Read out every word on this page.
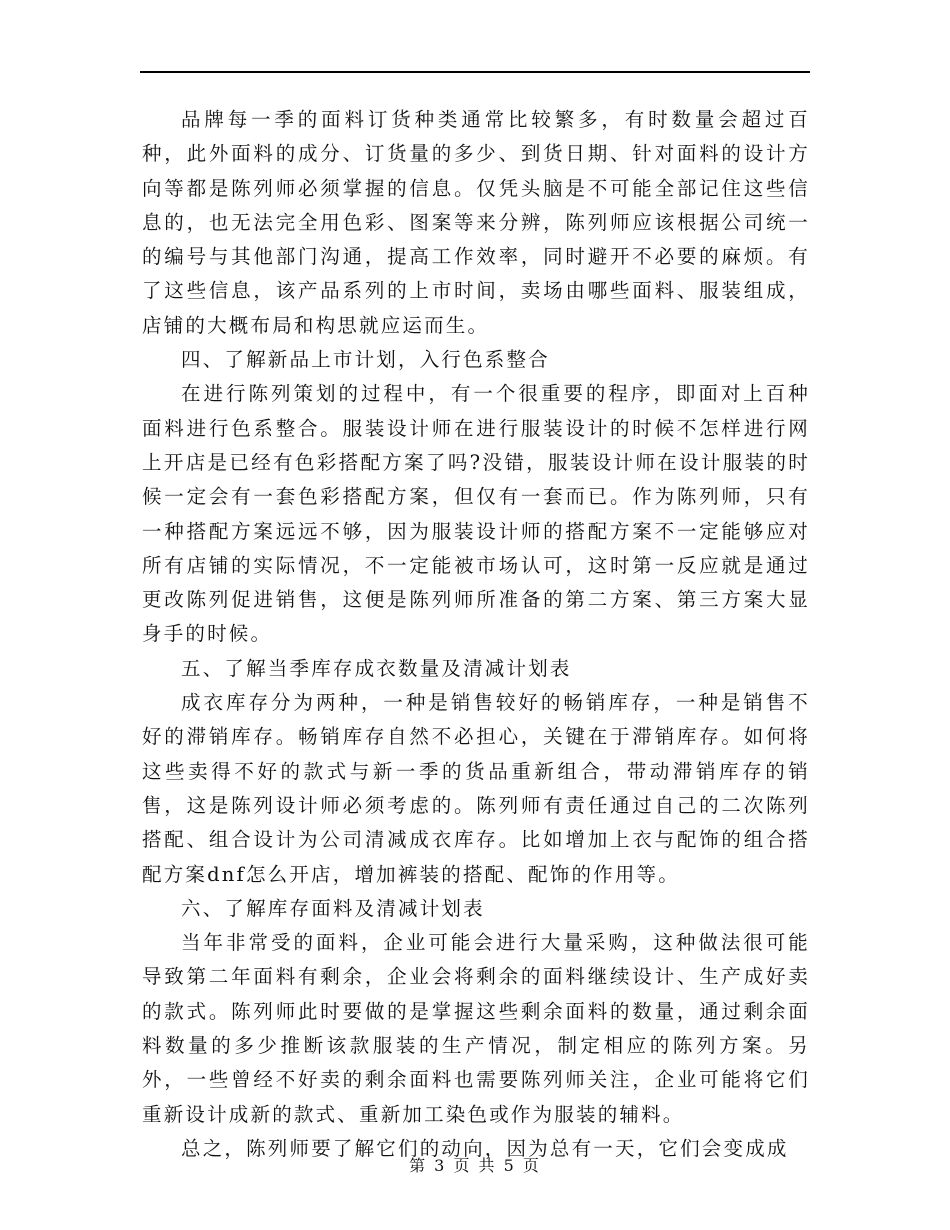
品牌每一季的面料订货种类通常比较繁多，有时数量会超过百种，此外面料的成分、订货量的多少、到货日期、针对面料的设计方向等都是陈列师必须掌握的信息。仅凭头脑是不可能全部记住这些信息的，也无法完全用色彩、图案等来分辨，陈列师应该根据公司统一的编号与其他部门沟通，提高工作效率，同时避开不必要的麻烦。有了这些信息，该产品系列的上市时间，卖场由哪些面料、服装组成，店铺的大概布局和构思就应运而生。

四、了解新品上市计划，入行色系整合

在进行陈列策划的过程中，有一个很重要的程序，即面对上百种面料进行色系整合。服装设计师在进行服装设计的时候不怎样进行网上开店是已经有色彩搭配方案了吗?没错，服装设计师在设计服装的时候一定会有一套色彩搭配方案，但仅有一套而已。作为陈列师，只有一种搭配方案远远不够，因为服装设计师的搭配方案不一定能够应对所有店铺的实际情况，不一定能被市场认可，这时第一反应就是通过更改陈列促进销售，这便是陈列师所准备的第二方案、第三方案大显身手的时候。

五、了解当季库存成衣数量及清减计划表

成衣库存分为两种，一种是销售较好的畅销库存，一种是销售不好的滞销库存。畅销库存自然不必担心，关键在于滞销库存。如何将这些卖得不好的款式与新一季的货品重新组合，带动滞销库存的销售，这是陈列设计师必须考虑的。陈列师有责任通过自己的二次陈列搭配、组合设计为公司清减成衣库存。比如增加上衣与配饰的组合搭配方案dnf怎么开店，增加裤装的搭配、配饰的作用等。

六、了解库存面料及清减计划表

当年非常受的面料，企业可能会进行大量采购，这种做法很可能导致第二年面料有剩余，企业会将剩余的面料继续设计、生产成好卖的款式。陈列师此时要做的是掌握这些剩余面料的数量，通过剩余面料数量的多少推断该款服装的生产情况，制定相应的陈列方案。另外，一些曾经不好卖的剩余面料也需要陈列师关注，企业可能将它们重新设计成新的款式、重新加工染色或作为服装的辅料。

总之，陈列师要了解它们的动向，因为总有一天，它们会变成成

第 3 页 共 5 页
